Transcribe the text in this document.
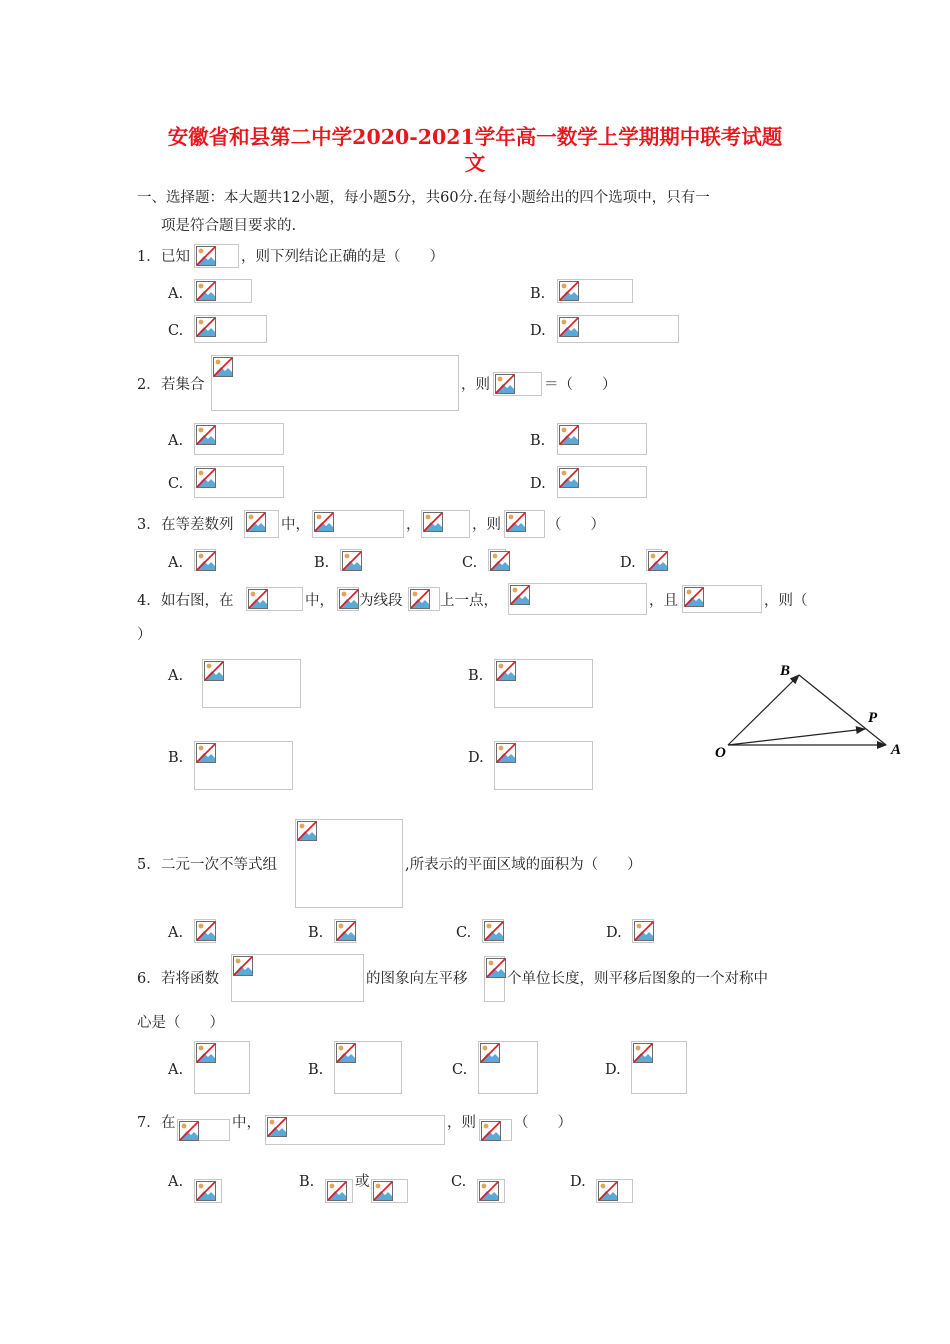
安徽省和县第二中学2020-2021学年高一数学上学期期中联考试题
文
一、选择题：本大题共12小题，每小题5分，共60分.在每小题给出的四个选项中，只有一
项是符合题目要求的.
1． 已知	，则下列结论正确的是（　　）
A.	B.
C.	D.
2． 若集合	，则	＝（　　）
A.	B.
C.	D.
3． 在等差数列	中，	，	，则	（　　）
A.	B.	C.	D.
4． 如右图，在	中， 为线段	上一点，	，且	，则（
）
A.	B.
B.	D.
B
P
O	A
5． 二元一次不等式组	,所表示的平面区域的面积为（　　）
A.	B.	C.	D.
6． 若将函数	的图象向左平移	个单位长度，则平移后图象的一个对称中
心是（　　）
A.	B.	C.	D.
7． 在	中，	，则	（　　）
A.	B.	或	C.	D.
